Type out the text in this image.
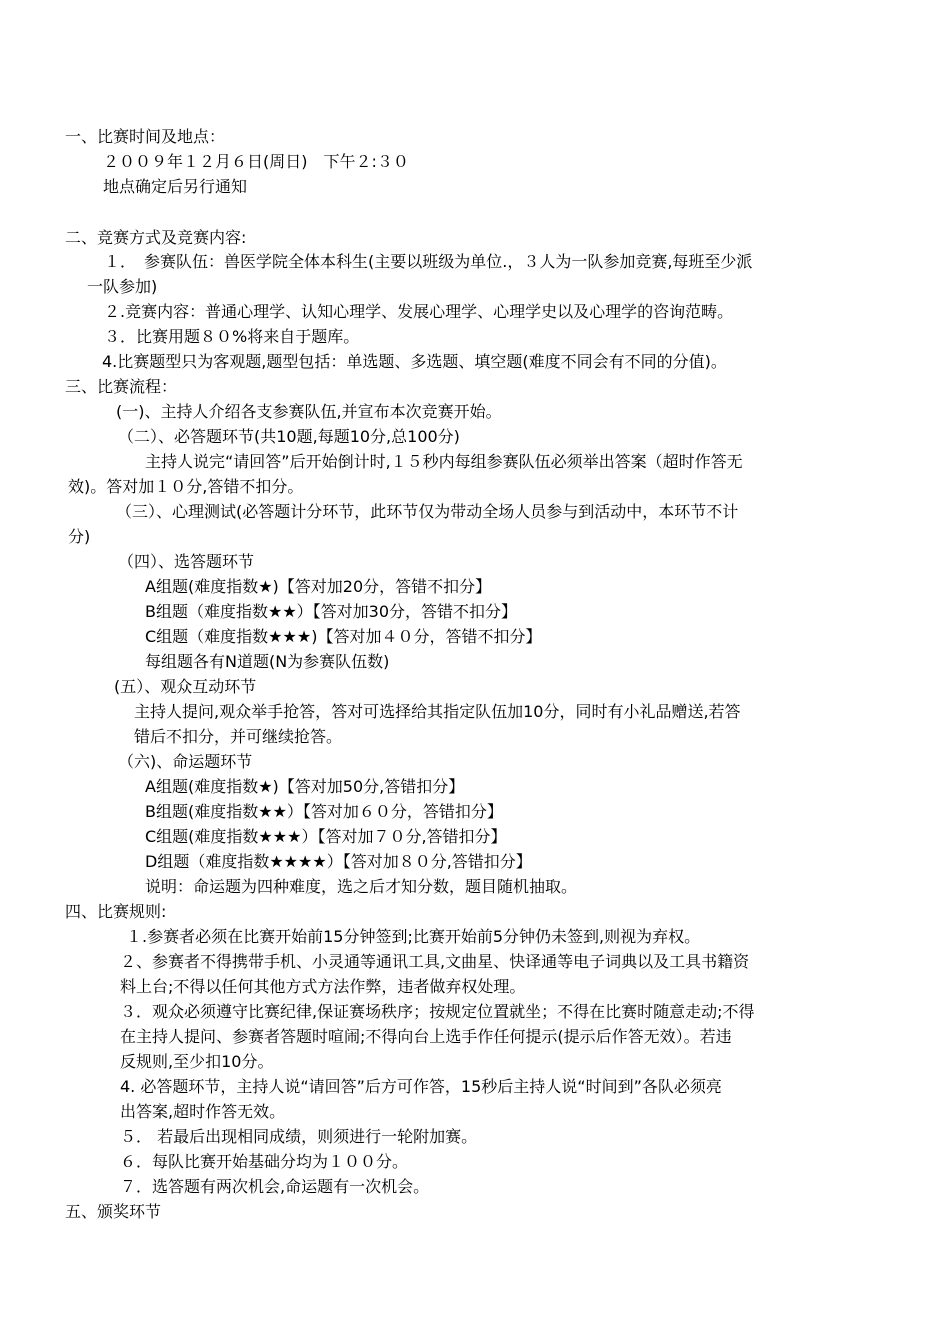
一、比赛时间及地点：
２００９年１２月６日(周日)　下午２:３０
地点确定后另行通知
二、竞赛方式及竞赛内容:
１．　参赛队伍：兽医学院全体本科生(主要以班级为单位.，３人为一队参加竞赛,每班至少派
一队参加)
２.竞赛内容：普通心理学、认知心理学、发展心理学、心理学史以及心理学的咨询范畴。
３．比赛用题８０%将来自于题库。
4.比赛题型只为客观题,题型包括：单选题、多选题、填空题(难度不同会有不同的分值)。
三、比赛流程：
(一)、主持人介绍各支参赛队伍,并宣布本次竞赛开始。
（二）、必答题环节(共10题,每题10分,总100分)
主持人说完“请回答”后开始倒计时,１５秒内每组参赛队伍必须举出答案（超时作答无
效)。答对加１０分,答错不扣分。
（三）、心理测试(必答题计分环节，此环节仅为带动全场人员参与到活动中，本环节不计
分)
（四）、选答题环节
A组题(难度指数★)【答对加20分，答错不扣分】
B组题（难度指数★★）【答对加30分，答错不扣分】
C组题（难度指数★★★)【答对加４０分，答错不扣分】
每组题各有N道题(N为参赛队伍数)
(五）、观众互动环节
主持人提问,观众举手抢答，答对可选择给其指定队伍加10分，同时有小礼品赠送,若答
错后不扣分，并可继续抢答。
（六)、命运题环节
A组题(难度指数★)【答对加50分,答错扣分】
B组题(难度指数★★）【答对加６０分，答错扣分】
C组题(难度指数★★★）【答对加７０分,答错扣分】
D组题（难度指数★★★★）【答对加８０分,答错扣分】
说明：命运题为四种难度，选之后才知分数，题目随机抽取。
四、比赛规则:
１.参赛者必须在比赛开始前15分钟签到;比赛开始前5分钟仍未签到,则视为弃权。
２、参赛者不得携带手机、小灵通等通讯工具,文曲星、快译通等电子词典以及工具书籍资
料上台;不得以任何其他方式方法作弊，违者做弃权处理。
３．观众必须遵守比赛纪律,保证赛场秩序；按规定位置就坐；不得在比赛时随意走动;不得
在主持人提问、参赛者答题时喧闹;不得向台上选手作任何提示(提示后作答无效）。若违
反规则,至少扣10分。
4. 必答题环节，主持人说“请回答”后方可作答，15秒后主持人说“时间到”各队必须亮
出答案,超时作答无效。
５． 若最后出现相同成绩，则须进行一轮附加赛。
６．每队比赛开始基础分均为１００分。
７．选答题有两次机会,命运题有一次机会。
五、颁奖环节
